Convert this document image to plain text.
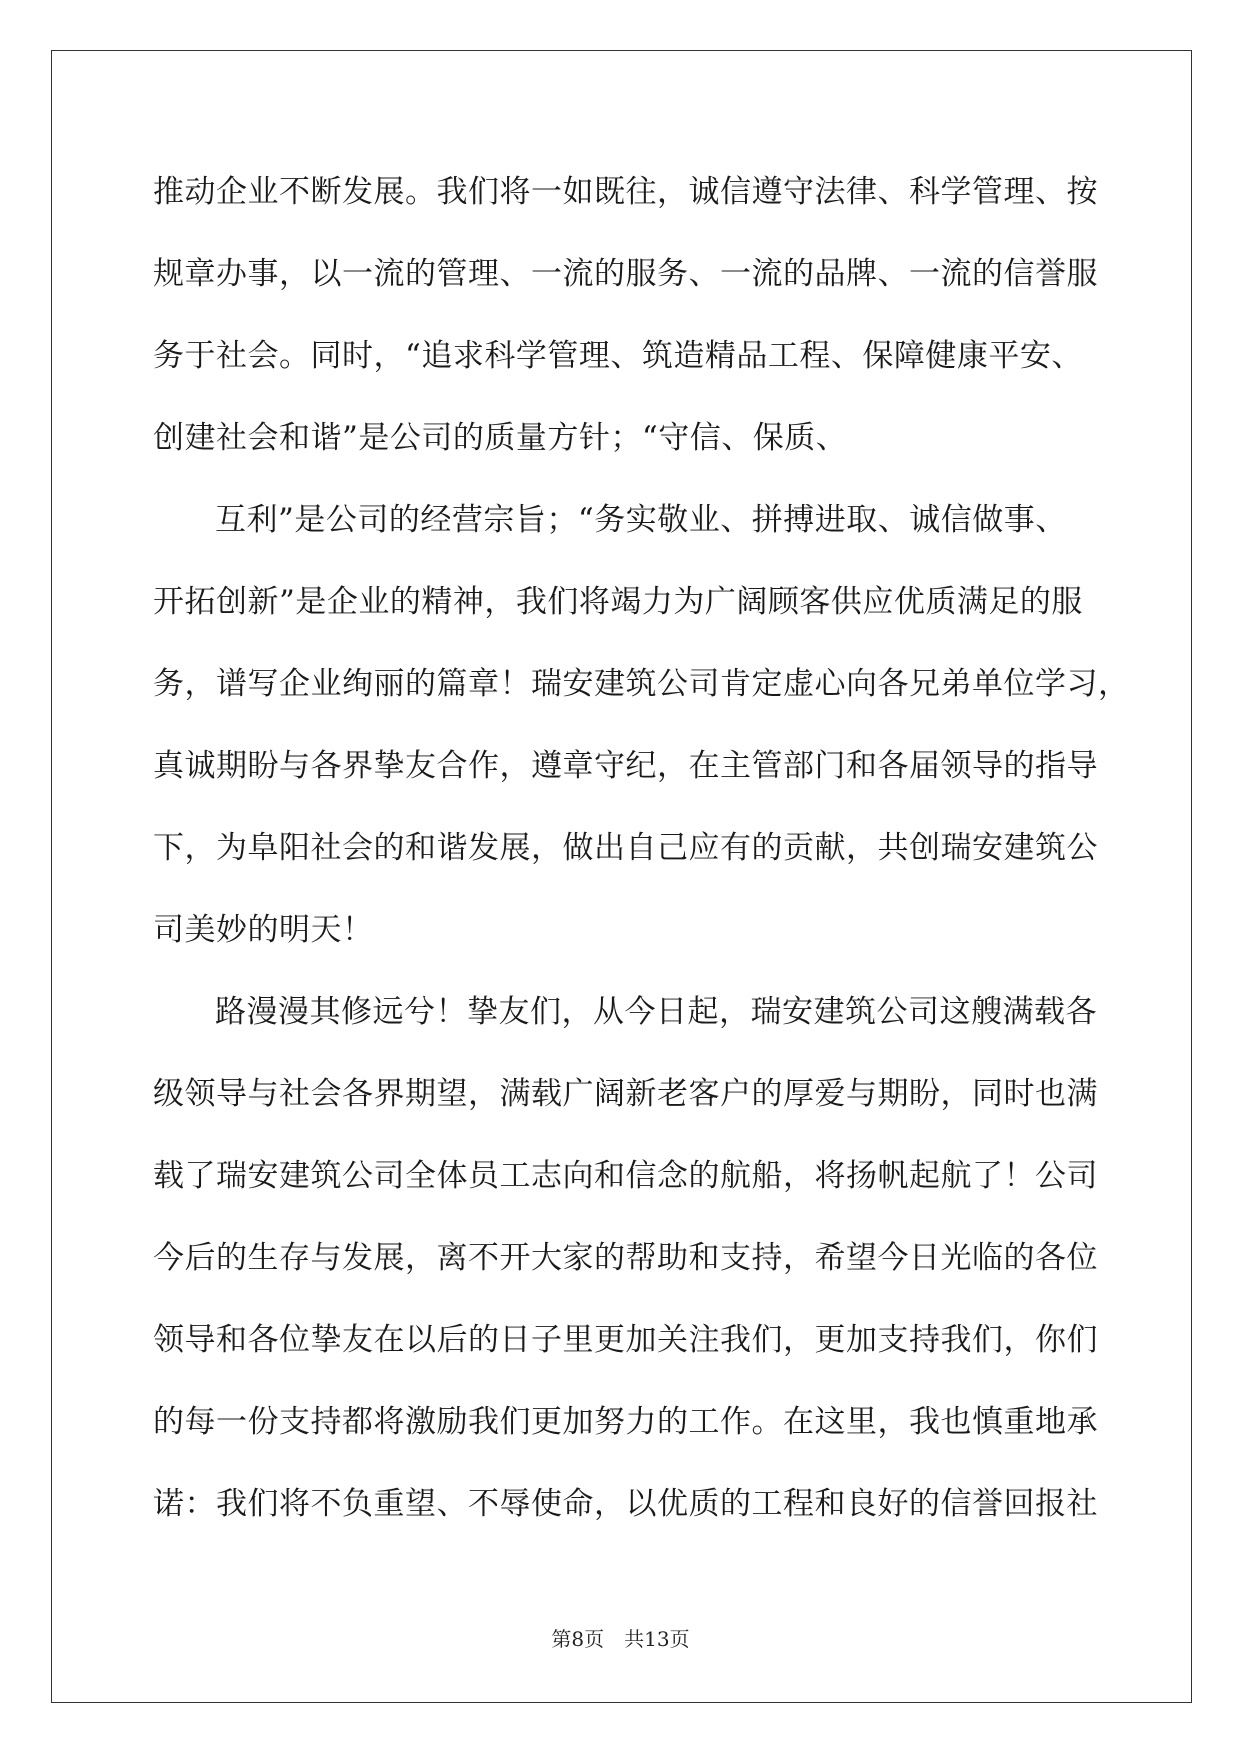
推动企业不断发展。我们将一如既往，诚信遵守法律、科学管理、按
规章办事，以一流的管理、一流的服务、一流的品牌、一流的信誉服
务于社会。同时，“追求科学管理、筑造精品工程、保障健康平安、
创建社会和谐”是公司的质量方针；“守信、保质、
互利”是公司的经营宗旨；“务实敬业、拼搏进取、诚信做事、
开拓创新”是企业的精神，我们将竭力为广阔顾客供应优质满足的服
务，谱写企业绚丽的篇章！瑞安建筑公司肯定虚心向各兄弟单位学习，
真诚期盼与各界挚友合作，遵章守纪，在主管部门和各届领导的指导
下，为阜阳社会的和谐发展，做出自己应有的贡献，共创瑞安建筑公
司美妙的明天！
路漫漫其修远兮！挚友们，从今日起，瑞安建筑公司这艘满载各
级领导与社会各界期望，满载广阔新老客户的厚爱与期盼，同时也满
载了瑞安建筑公司全体员工志向和信念的航船，将扬帆起航了！公司
今后的生存与发展，离不开大家的帮助和支持，希望今日光临的各位
领导和各位挚友在以后的日子里更加关注我们，更加支持我们，你们
的每一份支持都将激励我们更加努力的工作。在这里，我也慎重地承
诺：我们将不负重望、不辱使命，以优质的工程和良好的信誉回报社
第8页 共13页
